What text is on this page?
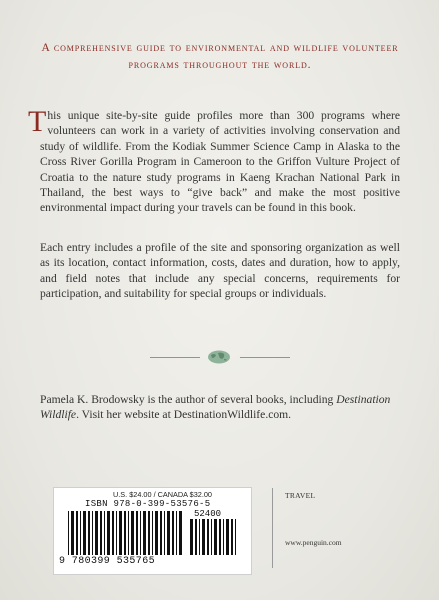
A comprehensive guide to environmental and wildlife volunteer programs throughout the world.
This unique site-by-site guide profiles more than 300 programs where volunteers can work in a variety of activities involving conservation and study of wildlife. From the Kodiak Summer Science Camp in Alaska to the Cross River Gorilla Program in Cameroon to the Griffon Vulture Project of Croatia to the nature study programs in Kaeng Krachan National Park in Thailand, the best ways to “give back” and make the most positive environmental impact during your travels can be found in this book.
Each entry includes a profile of the site and sponsoring organization as well as its location, contact information, costs, dates and duration, how to apply, and field notes that include any special concerns, requirements for participation, and suitability for special groups or individuals.
Pamela K. Brodowsky is the author of several books, including Destination Wildlife. Visit her website at DestinationWildlife.com.
U.S. $24.00 / CANADA $32.00
ISBN 978-0-399-53576-5
52400
9 780399 535765
TRAVEL
www.penguin.com
